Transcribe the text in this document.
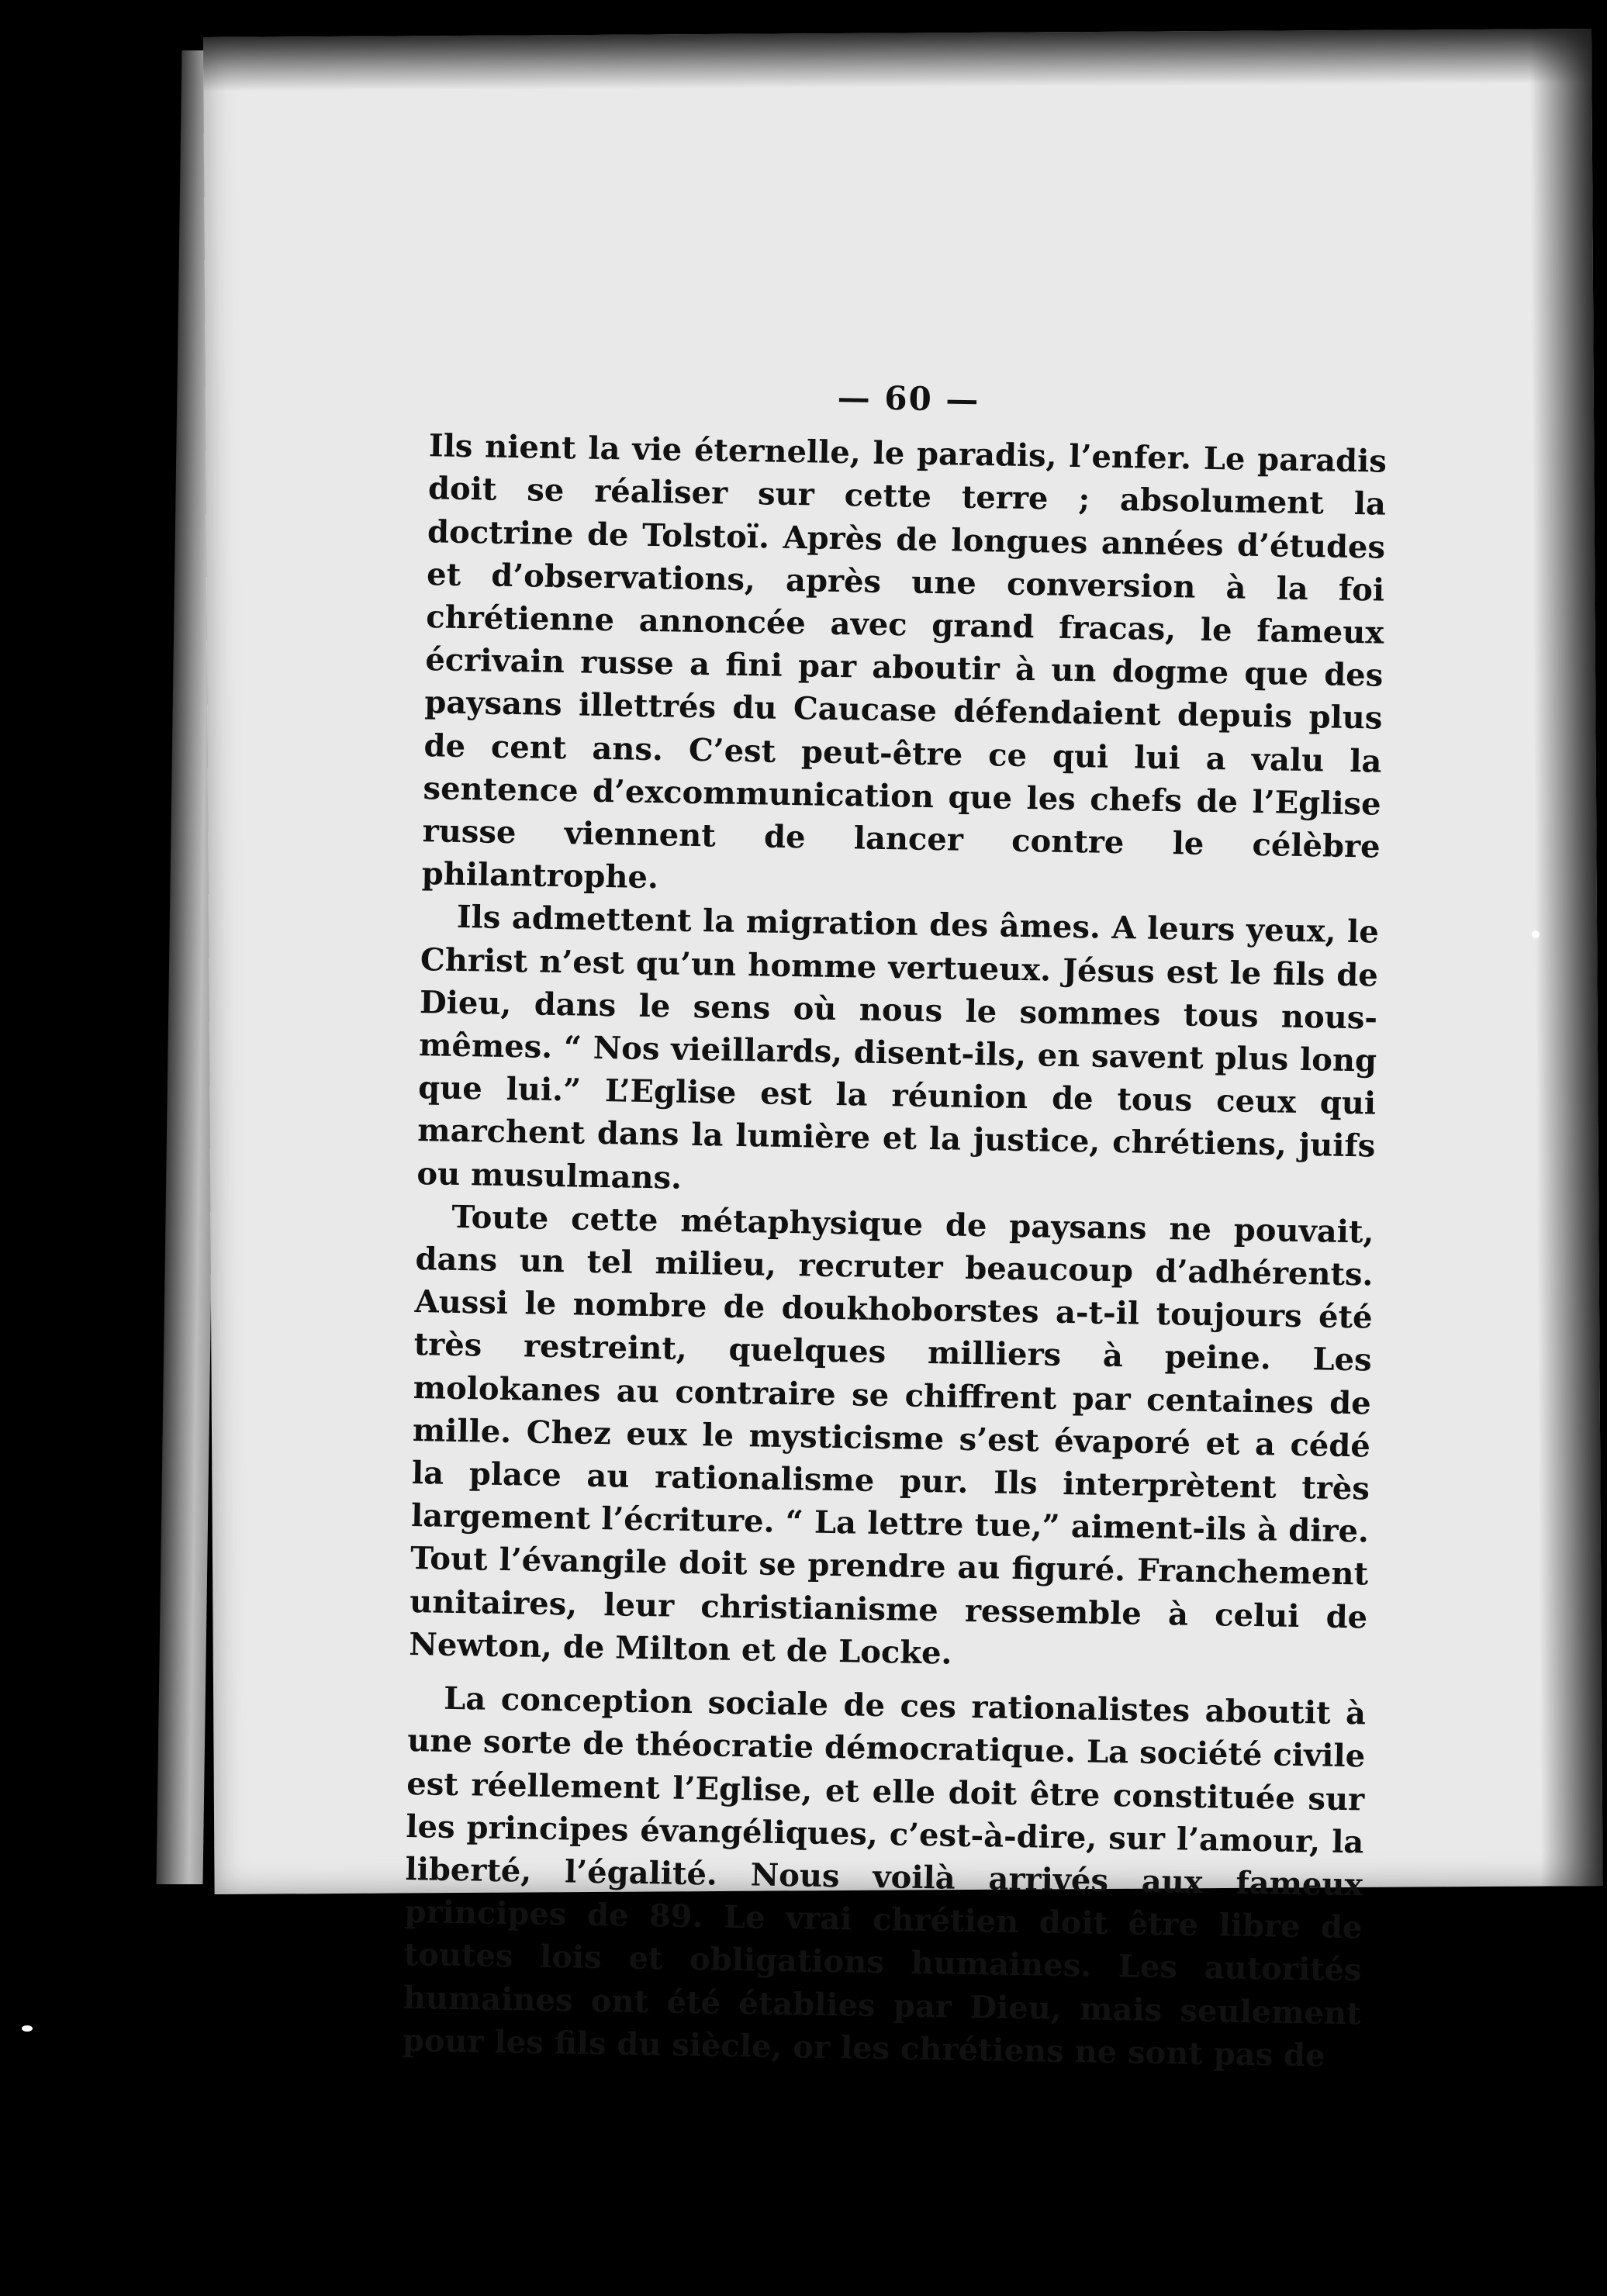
— 60 —

Ils nient la vie éternelle, le paradis, l’enfer. Le paradis doit se réaliser sur cette terre ; absolument la doctrine de Tolstoï. Après de longues années d’études et d’observations, après une conversion à la foi chrétienne annoncée avec grand fracas, le fameux écrivain russe a fini par aboutir à un dogme que des paysans illettrés du Caucase défendaient depuis plus de cent ans. C’est peut-être ce qui lui a valu la sentence d’excommunication que les chefs de l’Eglise russe viennent de lancer contre le célèbre philantrophe.

Ils admettent la migration des âmes. A leurs yeux, le Christ n’est qu’un homme vertueux. Jésus est le fils de Dieu, dans le sens où nous le sommes tous nous-mêmes. “ Nos vieillards, disent-ils, en savent plus long que lui.” L’Eglise est la réunion de tous ceux qui marchent dans la lumière et la justice, chrétiens, juifs ou musulmans.

Toute cette métaphysique de paysans ne pouvait, dans un tel milieu, recruter beaucoup d’adhérents. Aussi le nombre de doukhoborstes a-t-il toujours été très restreint, quelques milliers à peine. Les molokanes au contraire se chiffrent par centaines de mille. Chez eux le mysticisme s’est évaporé et a cédé la place au rationalisme pur. Ils interprètent très largement l’écriture. “ La lettre tue,” aiment-ils à dire. Tout l’évangile doit se prendre au figuré. Franchement unitaires, leur christianisme ressemble à celui de Newton, de Milton et de Locke.

La conception sociale de ces rationalistes aboutit à une sorte de théocratie démocratique. La société civile est réellement l’Eglise, et elle doit être constituée sur les principes évangéliques, c’est-à-dire, sur l’amour, la liberté, l’égalité. Nous voilà arrivés aux fameux principes de 89. Le vrai chrétien doit être libre de toutes lois et obligations humaines. Les autorités humaines ont été établies par Dieu, mais seulement pour les fils du siècle, or les chrétiens ne sont pas de
